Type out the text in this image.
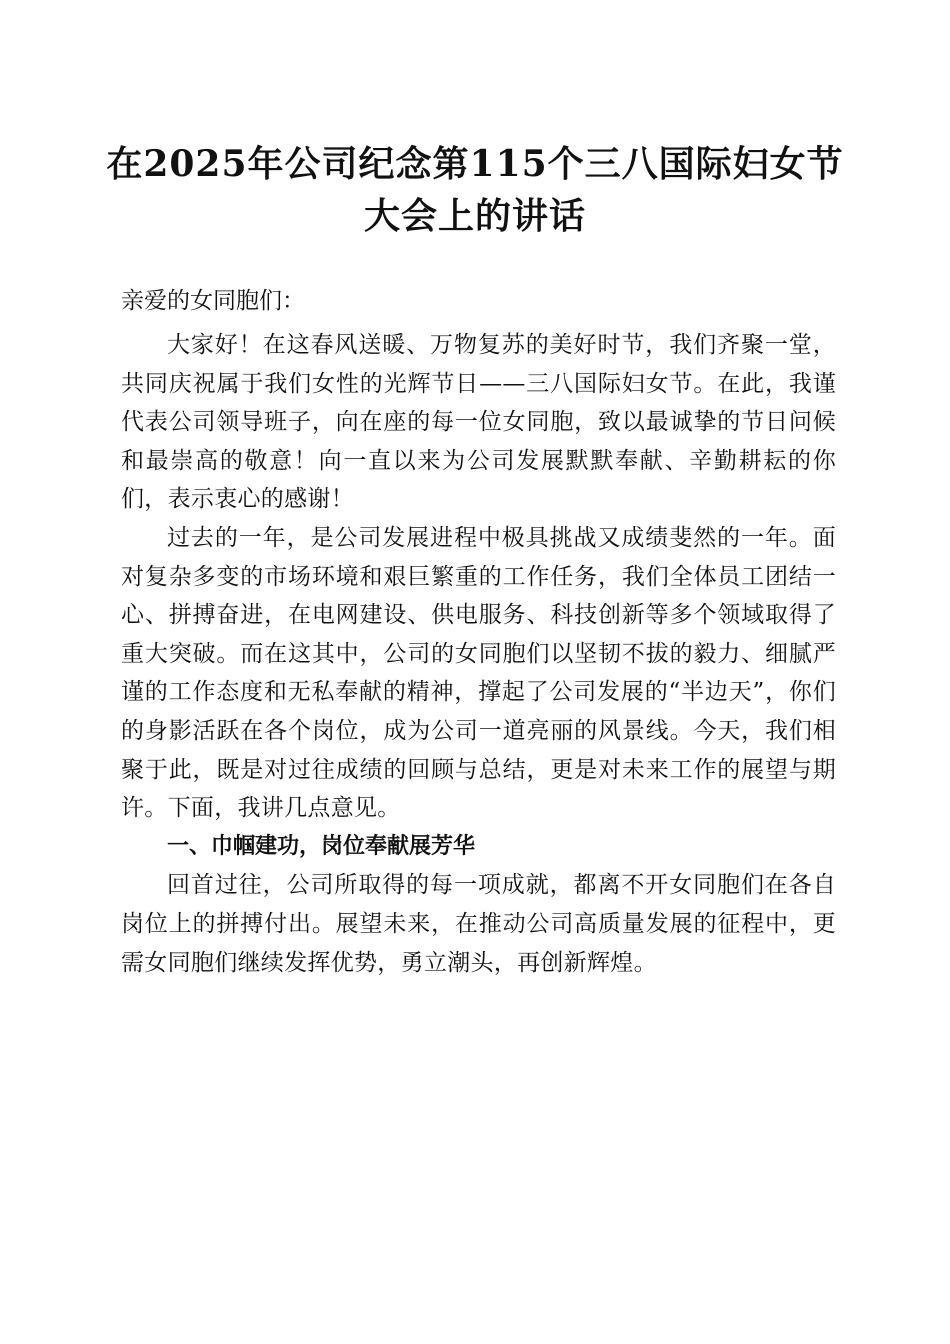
在2025年公司纪念第115个三八国际妇女节
大会上的讲话

亲爱的女同胞们：

大家好！在这春风送暖、万物复苏的美好时节，我们齐聚一堂，共同庆祝属于我们女性的光辉节日——三八国际妇女节。在此，我谨代表公司领导班子，向在座的每一位女同胞，致以最诚挚的节日问候和最崇高的敬意！向一直以来为公司发展默默奉献、辛勤耕耘的你们，表示衷心的感谢！

过去的一年，是公司发展进程中极具挑战又成绩斐然的一年。面对复杂多变的市场环境和艰巨繁重的工作任务，我们全体员工团结一心、拼搏奋进，在电网建设、供电服务、科技创新等多个领域取得了重大突破。而在这其中，公司的女同胞们以坚韧不拔的毅力、细腻严谨的工作态度和无私奉献的精神，撑起了公司发展的“半边天”，你们的身影活跃在各个岗位，成为公司一道亮丽的风景线。今天，我们相聚于此，既是对过往成绩的回顾与总结，更是对未来工作的展望与期许。下面，我讲几点意见。

一、巾帼建功，岗位奉献展芳华

回首过往，公司所取得的每一项成就，都离不开女同胞们在各自岗位上的拼搏付出。展望未来，在推动公司高质量发展的征程中，更需女同胞们继续发挥优势，勇立潮头，再创新辉煌。
